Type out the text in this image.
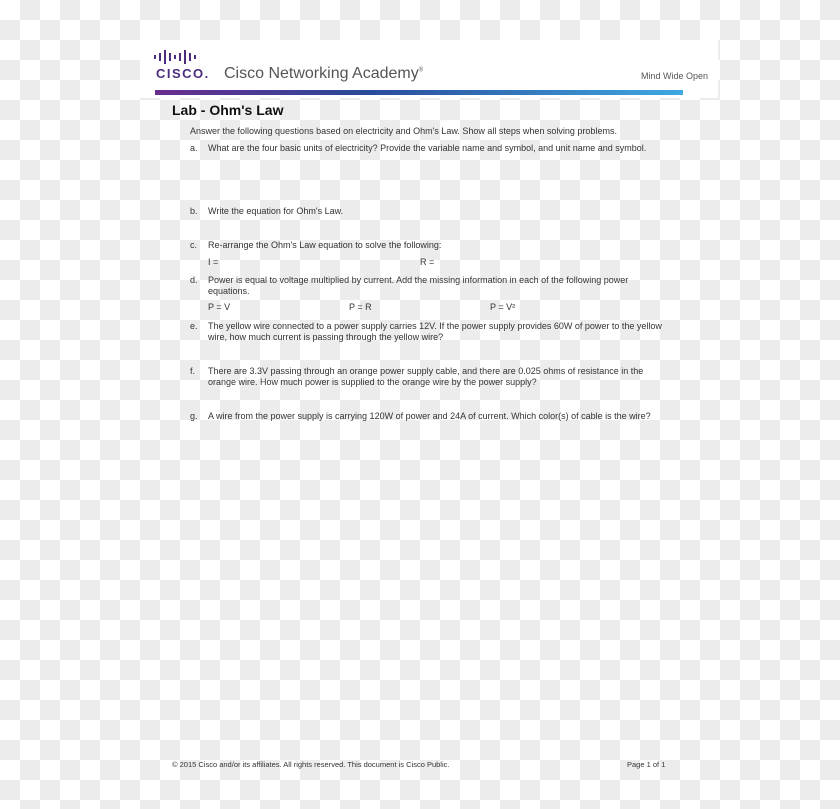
CISCO. Cisco Networking Academy®
Mind Wide Open
Lab - Ohm's Law
Answer the following questions based on electricity and Ohm's Law. Show all steps when solving problems.
a. What are the four basic units of electricity? Provide the variable name and symbol, and unit name and symbol.
b. Write the equation for Ohm's Law.
c. Re-arrange the Ohm's Law equation to solve the following:
I =	R =
d. Power is equal to voltage multiplied by current. Add the missing information in each of the following power equations.
P = V	P = R	P = V²
e. The yellow wire connected to a power supply carries 12V. If the power supply provides 60W of power to the yellow wire, how much current is passing through the yellow wire?
f. There are 3.3V passing through an orange power supply cable, and there are 0.025 ohms of resistance in the orange wire. How much power is supplied to the orange wire by the power supply?
g. A wire from the power supply is carrying 120W of power and 24A of current. Which color(s) of cable is the wire?
© 2015 Cisco and/or its affiliates. All rights reserved. This document is Cisco Public.	Page 1 of 1
